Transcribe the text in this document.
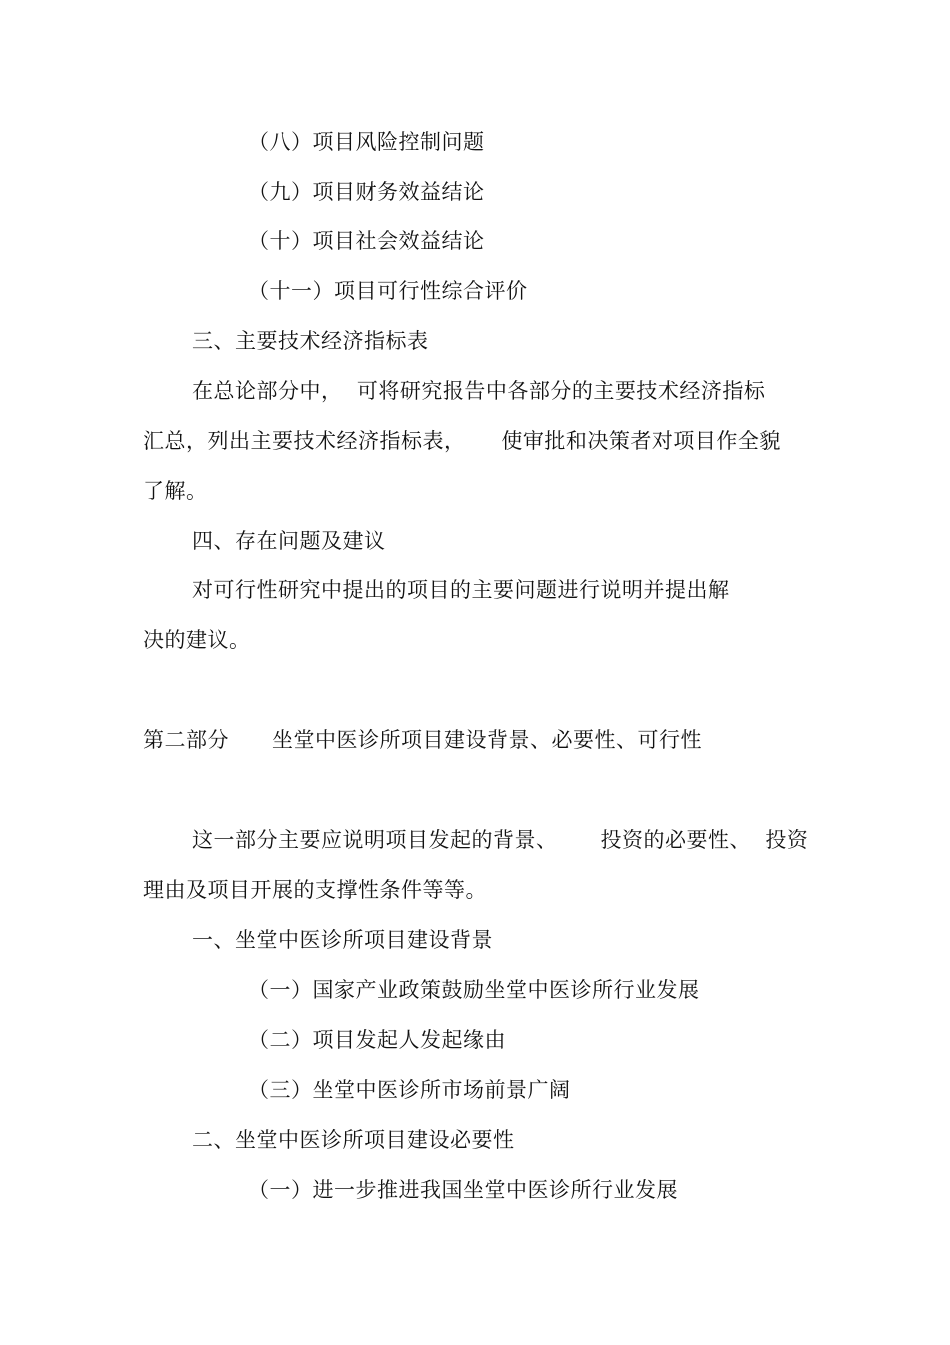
（八）项目风险控制问题
（九）项目财务效益结论
（十）项目社会效益结论
（十一）项目可行性综合评价
三、主要技术经济指标表
在总论部分中，  可将研究报告中各部分的主要技术经济指标
汇总，列出主要技术经济指标表，     使审批和决策者对项目作全貌
了解。
四、存在问题及建议
对可行性研究中提出的项目的主要问题进行说明并提出解
决的建议。
第二部分      坐堂中医诊所项目建设背景、必要性、可行性
这一部分主要应说明项目发起的背景、      投资的必要性、  投资
理由及项目开展的支撑性条件等等。
一、坐堂中医诊所项目建设背景
（一）国家产业政策鼓励坐堂中医诊所行业发展
（二）项目发起人发起缘由
（三）坐堂中医诊所市场前景广阔
二、坐堂中医诊所项目建设必要性
（一）进一步推进我国坐堂中医诊所行业发展
